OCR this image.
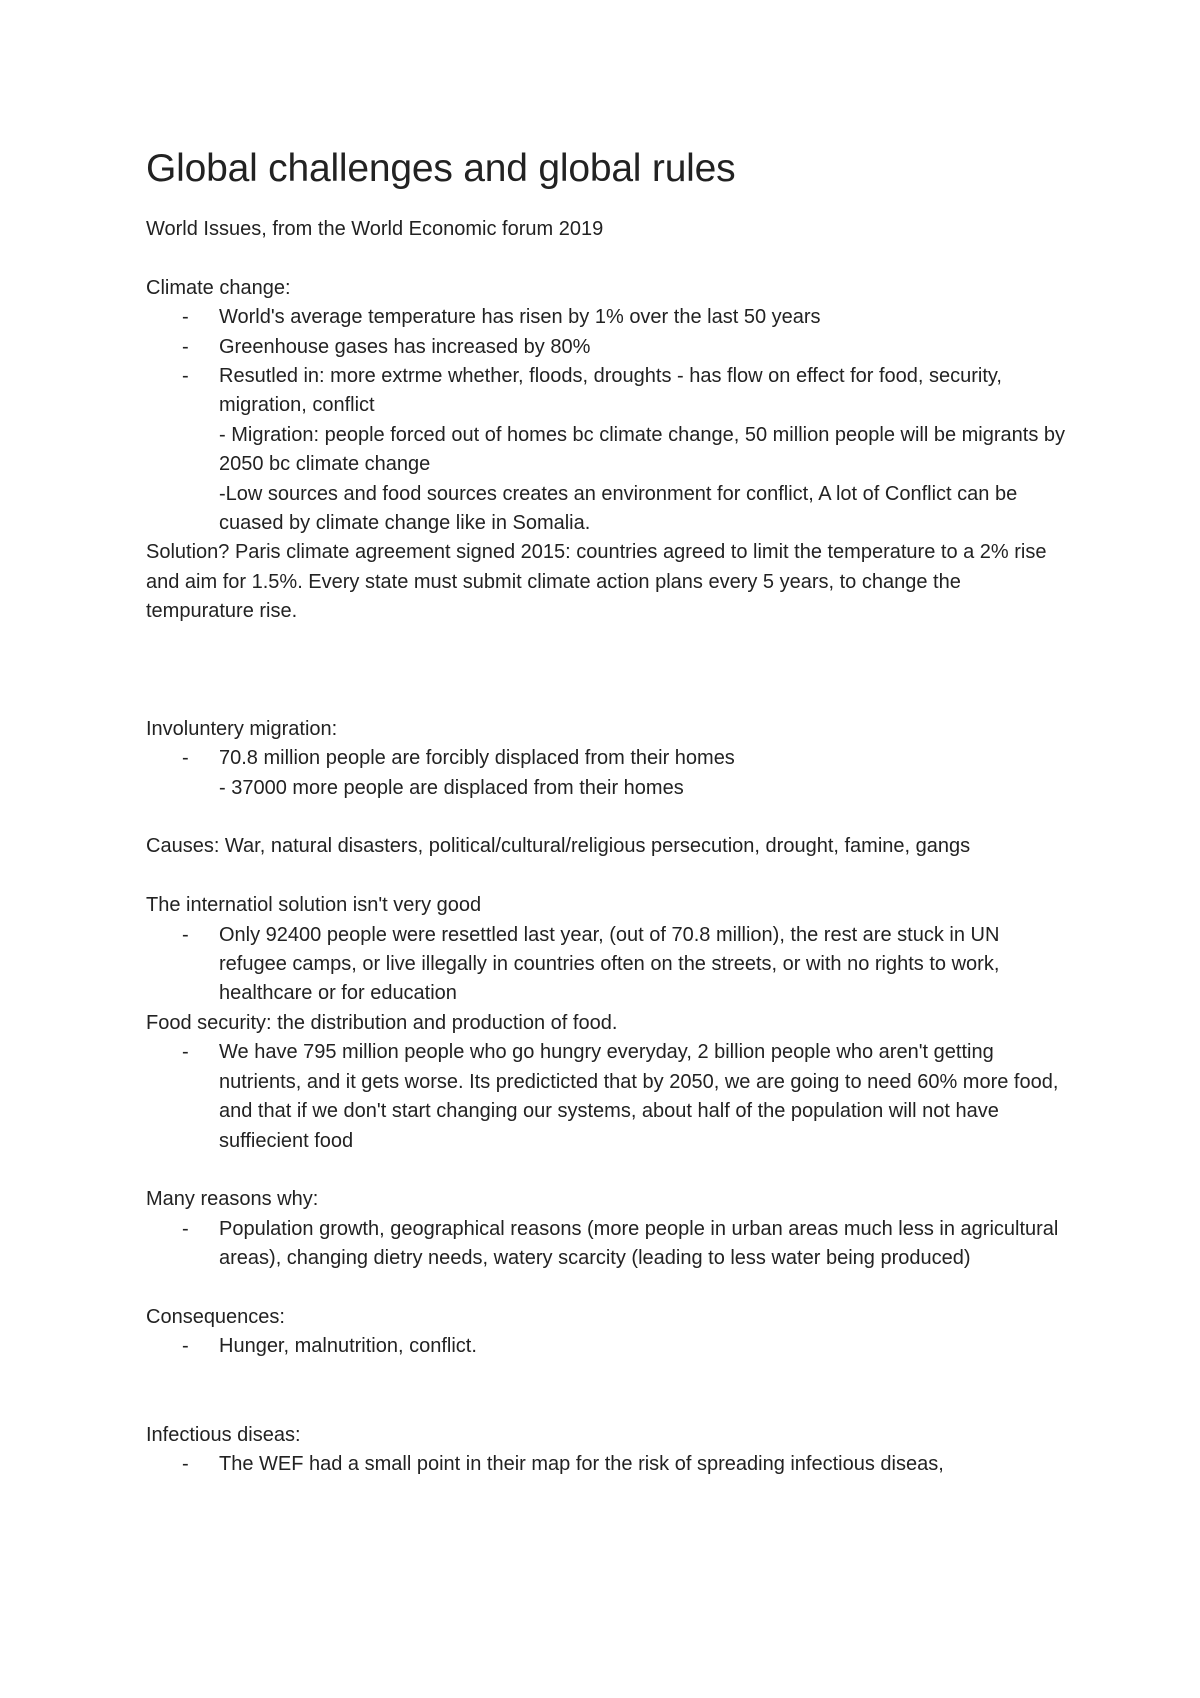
Global challenges and global rules

World Issues, from the World Economic forum 2019

Climate change:

- World's average temperature has risen by 1% over the last 50 years
- Greenhouse gases has increased by 80%
- Resutled in: more extrme whether, floods, droughts - has flow on effect for food, security, migration, conflict
- Migration: people forced out of homes bc climate change, 50 million people will be migrants by 2050 bc climate change
-Low sources and food sources creates an environment for conflict, A lot of Conflict can be cuased by climate change like in Somalia.

Solution? Paris climate agreement signed 2015: countries agreed to limit the temperature to a 2% rise and aim for 1.5%. Every state must submit climate action plans every 5 years, to change the tempurature rise.

Involuntery migration:

- 70.8 million people are forcibly displaced from their homes
- 37000 more people are displaced from their homes

Causes: War, natural disasters, political/cultural/religious persecution, drought, famine, gangs

The internatiol solution isn't very good

- Only 92400 people were resettled last year, (out of 70.8 million), the rest are stuck in UN refugee camps, or live illegally in countries often on the streets, or with no rights to work, healthcare or for education

Food security: the distribution and production of food.

- We have 795 million people who go hungry everyday, 2 billion people who aren't getting nutrients, and it gets worse. Its predicticted that by 2050, we are going to need 60% more food, and that if we don't start changing our systems, about half of the population will not have suffiecient food

Many reasons why:

- Population growth, geographical reasons (more people in urban areas much less in agricultural areas), changing dietry needs, watery scarcity (leading to less water being produced)

Consequences:

- Hunger, malnutrition, conflict.

Infectious diseas:

- The WEF had a small point in their map for the risk of spreading infectious diseas,
